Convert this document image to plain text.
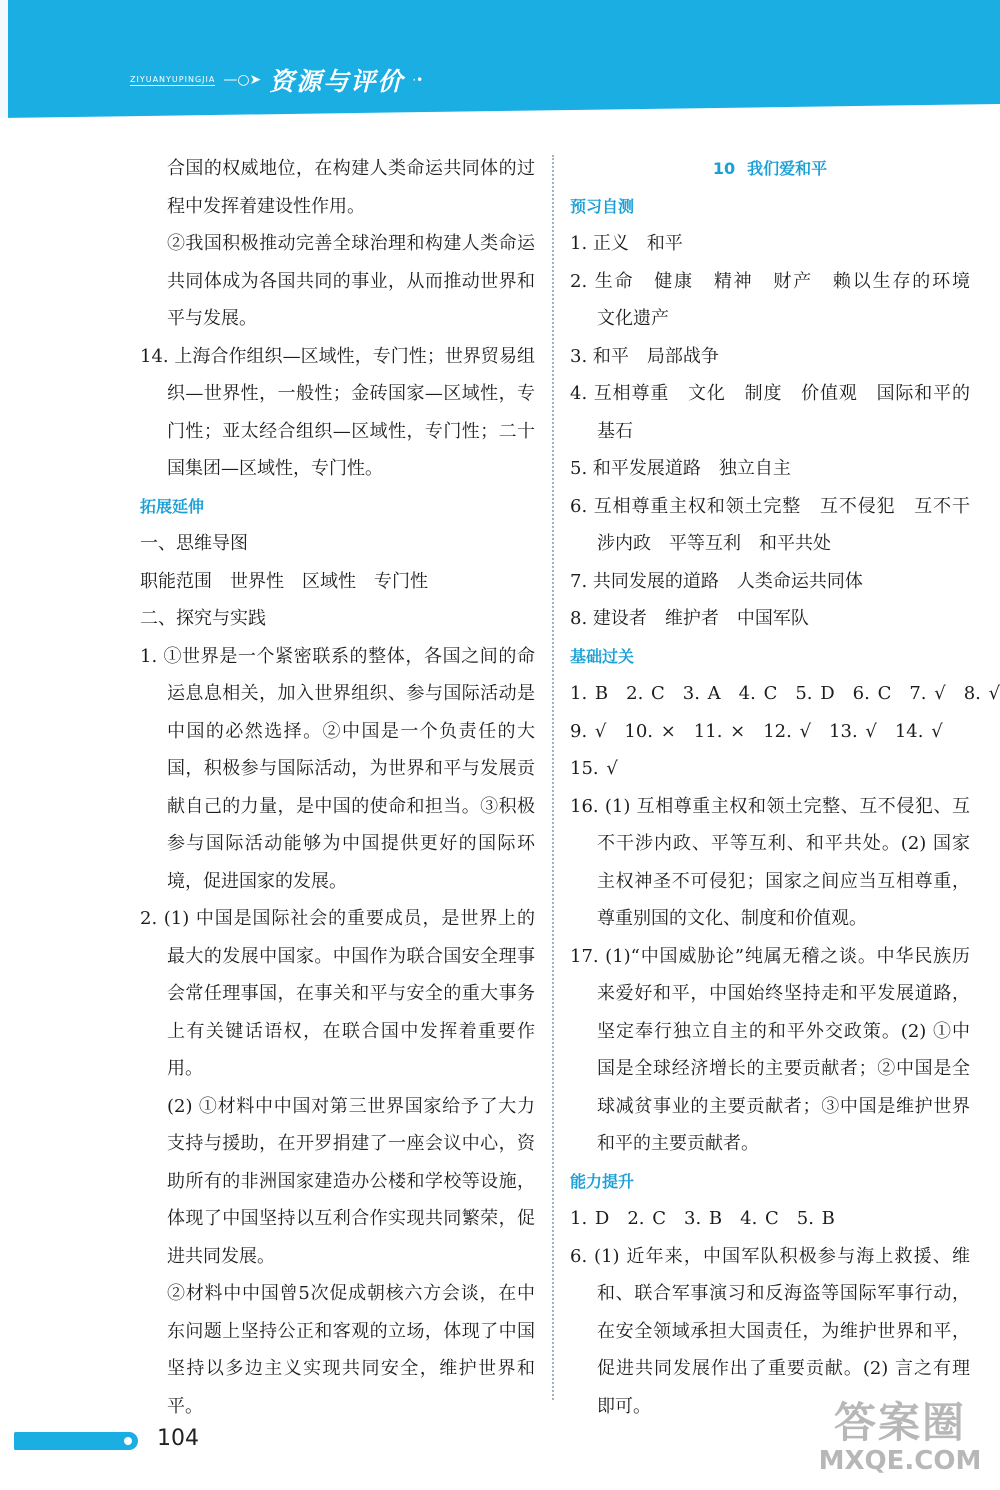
ZIYUANYUPINGJIA —○➤ 资源与评价 ·•

合国的权威地位，在构建人类命运共同体的过程中发挥着建设性作用。

②我国积极推动完善全球治理和构建人类命运共同体成为各国共同的事业，从而推动世界和平与发展。

14. 上海合作组织—区域性，专门性；世界贸易组织—世界性，一般性；金砖国家—区域性，专门性；亚太经合组织—区域性，专门性；二十国集团—区域性，专门性。

拓展延伸

一、思维导图

职能范围　世界性　区域性　专门性

二、探究与实践

1. ①世界是一个紧密联系的整体，各国之间的命运息息相关，加入世界组织、参与国际活动是中国的必然选择。②中国是一个负责任的大国，积极参与国际活动，为世界和平与发展贡献自己的力量，是中国的使命和担当。③积极参与国际活动能够为中国提供更好的国际环境，促进国家的发展。

2. (1) 中国是国际社会的重要成员，是世界上的最大的发展中国家。中国作为联合国安全理事会常任理事国，在事关和平与安全的重大事务上有关键话语权，在联合国中发挥着重要作用。

(2) ①材料中中国对第三世界国家给予了大力支持与援助，在开罗捐建了一座会议中心，资助所有的非洲国家建造办公楼和学校等设施，体现了中国坚持以互利合作实现共同繁荣，促进共同发展。

②材料中中国曾5次促成朝核六方会谈，在中东问题上坚持公正和客观的立场，体现了中国坚持以多边主义实现共同安全，维护世界和平。

10 我们爱和平

预习自测

1. 正义　和平

2. 生命　健康　精神　财产　赖以生存的环境　文化遗产

3. 和平　局部战争

4. 互相尊重　文化　制度　价值观　国际和平的基石

5. 和平发展道路　独立自主

6. 互相尊重主权和领土完整　互不侵犯　互不干涉内政　平等互利　和平共处

7. 共同发展的道路　人类命运共同体

8. 建设者　维护者　中国军队

基础过关

1. B　2. C　3. A　4. C　5. D　6. C　7. √　8. √

9. √　10. ×　11. ×　12. √　13. √　14. √

15. √

16. (1) 互相尊重主权和领土完整、互不侵犯、互不干涉内政、平等互利、和平共处。(2) 国家主权神圣不可侵犯；国家之间应当互相尊重，尊重别国的文化、制度和价值观。

17. (1)“中国威胁论”纯属无稽之谈。中华民族历来爱好和平，中国始终坚持走和平发展道路，坚定奉行独立自主的和平外交政策。(2) ①中国是全球经济增长的主要贡献者；②中国是全球减贫事业的主要贡献者；③中国是维护世界和平的主要贡献者。

能力提升

1. D　2. C　3. B　4. C　5. B

6. (1) 近年来，中国军队积极参与海上救援、维和、联合军事演习和反海盗等国际军事行动，在安全领域承担大国责任，为维护世界和平，促进共同发展作出了重要贡献。(2) 言之有理即可。

104	答案圈
MXQE.COM
